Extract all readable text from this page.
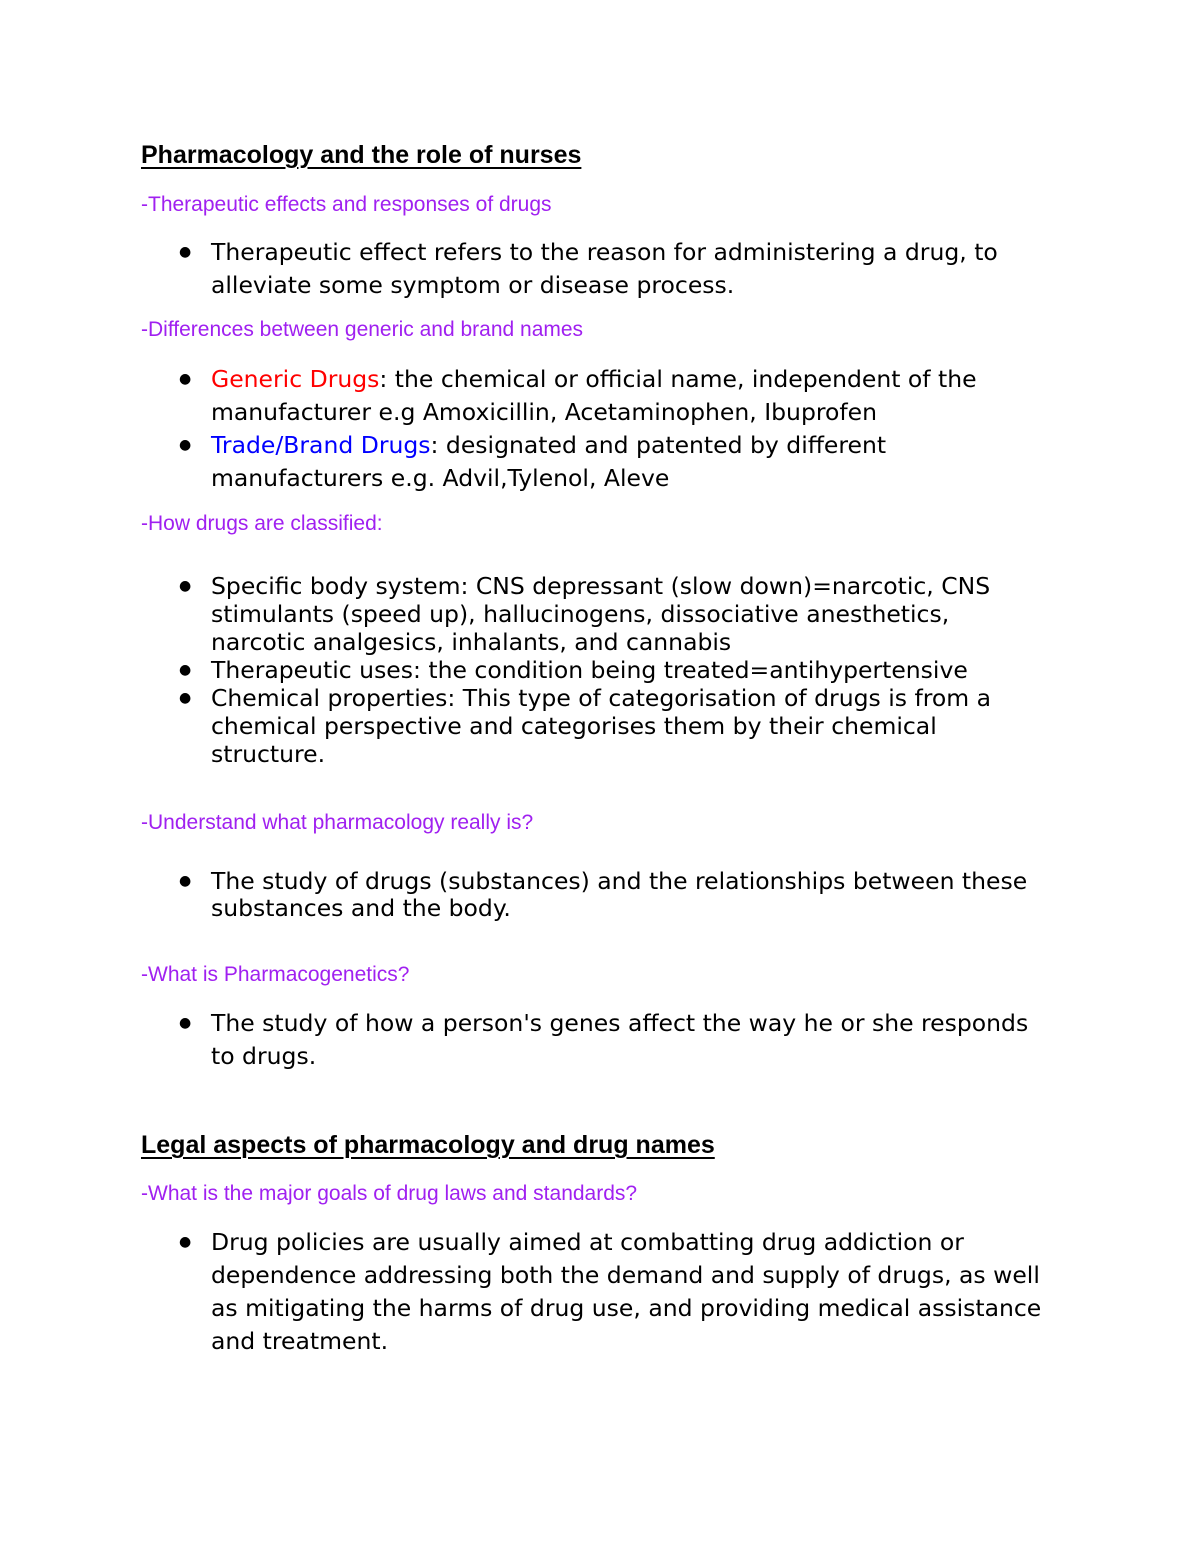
Pharmacology and the role of nurses

-Therapeutic effects and responses of drugs

● Therapeutic effect refers to the reason for administering a drug, to alleviate some symptom or disease process.

-Differences between generic and brand names

● Generic Drugs: the chemical or official name, independent of the manufacturer e.g Amoxicillin, Acetaminophen, Ibuprofen
● Trade/Brand Drugs: designated and patented by different manufacturers e.g. Advil,Tylenol, Aleve

-How drugs are classified:

● Specific body system: CNS depressant (slow down)=narcotic, CNS stimulants (speed up), hallucinogens, dissociative anesthetics, narcotic analgesics, inhalants, and cannabis
● Therapeutic uses: the condition being treated=antihypertensive
● Chemical properties: This type of categorisation of drugs is from a chemical perspective and categorises them by their chemical structure.

-Understand what pharmacology really is?

● The study of drugs (substances) and the relationships between these substances and the body.

-What is Pharmacogenetics?

● The study of how a person's genes affect the way he or she responds to drugs.
Legal aspects of pharmacology and drug names

-What is the major goals of drug laws and standards?

● Drug policies are usually aimed at combatting drug addiction or dependence addressing both the demand and supply of drugs, as well as mitigating the harms of drug use, and providing medical assistance and treatment.
